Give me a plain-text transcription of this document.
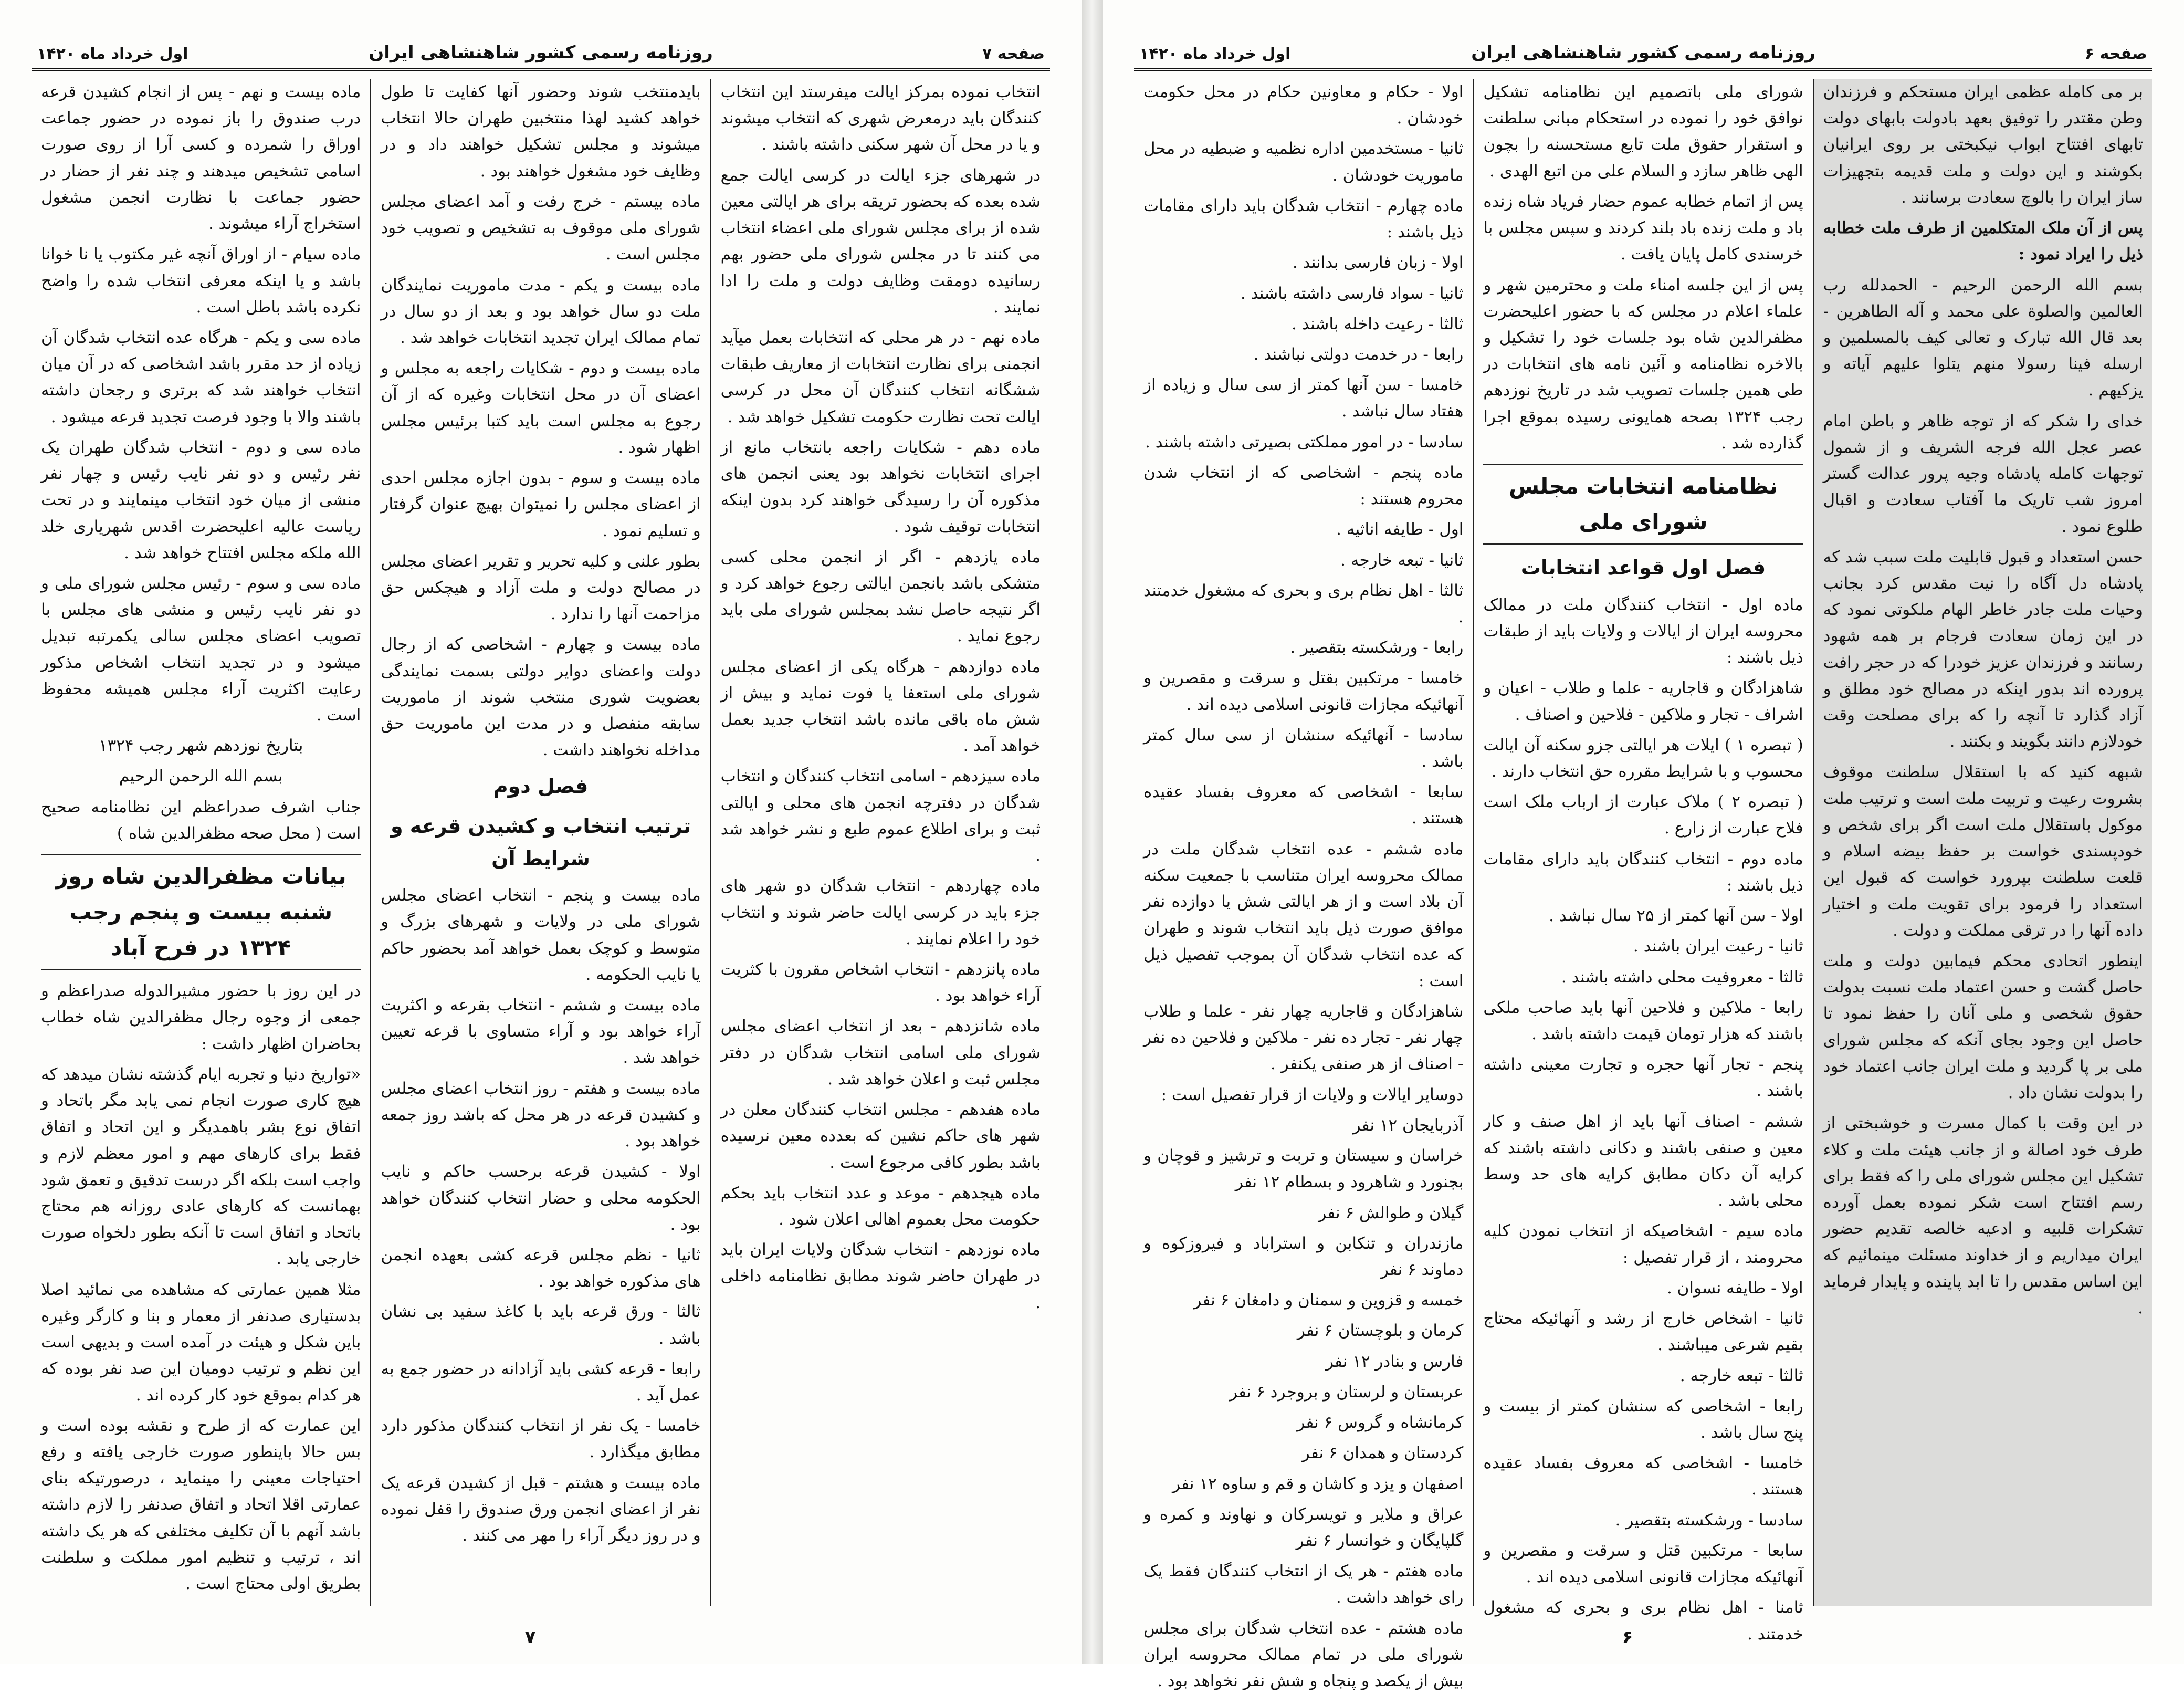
اول خرداد ماه ۱۴۲۰	روزنامه رسمی کشور شاهنشاهی ایران	صفحه ۷

انتخاب نموده بمرکز ایالت میفرستد این انتخاب کنندگان باید درمعرض شهری که انتخاب میشوند و یا در محل آن شهر سکنی داشته باشند .

در شهرهای جزء ایالت در کرسی ایالت جمع شده بعده که بحضور تریقه برای هر ایالتی معین شده از برای مجلس شورای ملی اعضاء انتخاب می کنند تا در مجلس شورای ملی حضور بهم رسانیده دومقت وظایف دولت و ملت را ادا نمایند .

ماده نهم - در هر محلی که انتخابات بعمل میآید انجمنی برای نظارت انتخابات از معاریف طبقات ششگانه انتخاب کنندگان آن محل در کرسی ایالت تحت نظارت حکومت تشکیل خواهد شد .

ماده دهم - شکایات راجعه بانتخاب مانع از اجرای انتخابات نخواهد بود یعنی انجمن های مذکوره آن را رسیدگی خواهند کرد بدون اینکه انتخابات توقیف شود .

ماده یازدهم - اگر از انجمن محلی کسی متشکی باشد بانجمن ایالتی رجوع خواهد کرد و اگر نتیجه حاصل نشد بمجلس شورای ملی باید رجوع نماید .

ماده دوازدهم - هرگاه یکی از اعضای مجلس شورای ملی استعفا یا فوت نماید و بیش از شش ماه باقی مانده باشد انتخاب جدید بعمل خواهد آمد .

ماده سیزدهم - اسامی انتخاب کنندگان و انتخاب شدگان در دفترچه انجمن های محلی و ایالتی ثبت و برای اطلاع عموم طبع و نشر خواهد شد .

ماده چهاردهم - انتخاب شدگان دو شهر های جزء باید در کرسی ایالت حاضر شوند و انتخاب خود را اعلام نمایند .

ماده پانزدهم - انتخاب اشخاص مقرون با کثریت آراء خواهد بود .

ماده شانزدهم - بعد از انتخاب اعضای مجلس شورای ملی اسامی انتخاب شدگان در دفتر مجلس ثبت و اعلان خواهد شد .

ماده هفدهم - مجلس انتخاب کنندگان معلن در شهر های حاکم نشین که بعدده معین نرسیده باشد بطور کافی مرجوع است .

ماده هیجدهم - موعد و عدد انتخاب باید بحکم حکومت محل بعموم اهالی اعلان شود .

ماده نوزدهم - انتخاب شدگان ولایات ایران باید در طهران حاضر شوند مطابق نظامنامه داخلی .

بایدمنتخب شوند وحضور آنها کفایت تا طول خواهد کشید لهذا منتخبین طهران حالا انتخاب میشوند و مجلس تشکیل خواهند داد و در وظایف خود مشغول خواهند بود .

ماده بیستم - خرج رفت و آمد اعضای مجلس شورای ملی موقوف به تشخیص و تصویب خود مجلس است .

ماده بیست و یکم - مدت ماموریت نمایندگان ملت دو سال خواهد بود و بعد از دو سال در تمام ممالک ایران تجدید انتخابات خواهد شد .

ماده بیست و دوم - شکایات راجعه به مجلس و اعضای آن در محل انتخابات وغیره که از آن رجوع به مجلس است باید کتبا برئیس مجلس اظهار شود .

ماده بیست و سوم - بدون اجازه مجلس احدی از اعضای مجلس را نمیتوان بهیچ عنوان گرفتار و تسلیم نمود .

بطور علنی و کلیه تحریر و تقریر اعضای مجلس در مصالح دولت و ملت آزاد و هیچکس حق مزاحمت آنها را ندارد .

ماده بیست و چهارم - اشخاصی که از رجال دولت واعضای دوایر دولتی بسمت نمایندگی بعضویت شوری منتخب شوند از ماموریت سابقه منفصل و در مدت این ماموریت حق مداخله نخواهند داشت .

فصل دوم

ترتیب انتخاب و کشیدن قرعه و شرایط آن

ماده بیست و پنجم - انتخاب اعضای مجلس شورای ملی در ولایات و شهرهای بزرگ و متوسط و کوچک بعمل خواهد آمد بحضور حاکم یا نایب الحکومه .

ماده بیست و ششم - انتخاب بقرعه و اکثریت آراء خواهد بود و آراء متساوی با قرعه تعیین خواهد شد .

ماده بیست و هفتم - روز انتخاب اعضای مجلس و کشیدن قرعه در هر محل که باشد روز جمعه خواهد بود .

اولا - کشیدن قرعه برحسب حاکم و نایب الحکومه محلی و حضار انتخاب کنندگان خواهد بود .

ثانیا - نظم مجلس قرعه کشی بعهده انجمن های مذکوره خواهد بود .

ثالثا - ورق قرعه باید با کاغذ سفید بی نشان باشد .

رابعا - قرعه کشی باید آزادانه در حضور جمع به عمل آید .

خامسا - یک نفر از انتخاب کنندگان مذکور دارد مطابق میگذارد .

ماده بیست و هشتم - قبل از کشیدن قرعه یک نفر از اعضای انجمن ورق صندوق را قفل نموده و در روز دیگر آراء را مهر می کنند .

ماده بیست و نهم - پس از انجام کشیدن قرعه درب صندوق را باز نموده در حضور جماعت اوراق را شمرده و کسی آرا از روی صورت اسامی تشخیص میدهند و چند نفر از حضار در حضور جماعت با نظارت انجمن مشغول استخراج آراء میشوند .

ماده سیام - از اوراق آنچه غیر مکتوب یا نا خوانا باشد و یا اینکه معرفی انتخاب شده را واضح نکرده باشد باطل است .

ماده سی و یکم - هرگاه عده انتخاب شدگان آن زیاده از حد مقرر باشد اشخاصی که در آن میان انتخاب خواهند شد که برتری و رجحان داشته باشند والا با وجود فرصت تجدید قرعه میشود .

ماده سی و دوم - انتخاب شدگان طهران یک نفر رئیس و دو نفر نایب رئیس و چهار نفر منشی از میان خود انتخاب مینمایند و در تحت ریاست عالیه اعلیحضرت اقدس شهریاری خلد الله ملکه مجلس افتتاح خواهد شد .

ماده سی و سوم - رئیس مجلس شورای ملی و دو نفر نایب رئیس و منشی های مجلس با تصویب اعضای مجلس سالی یکمرتبه تبدیل میشود و در تجدید انتخاب اشخاص مذکور رعایت اکثریت آراء مجلس همیشه محفوظ است .

بتاریخ نوزدهم شهر رجب ۱۳۲۴

بسم الله الرحمن الرحیم

جناب اشرف صدراعظم این نظامنامه صحیح است ( محل صحه مظفرالدین شاه )

بیانات مظفرالدین شاه روز شنبه بیست و پنجم رجب ۱۳۲۴ در فرح آباد

در این روز با حضور مشیرالدوله صدراعظم و جمعی از وجوه رجال مظفرالدین شاه خطاب بحاضران اظهار داشت :

«تواریخ دنیا و تجربه ایام گذشته نشان میدهد که هیچ کاری صورت انجام نمی یابد مگر باتحاد و اتفاق نوع بشر باهمدیگر و این اتحاد و اتفاق فقط برای کارهای مهم و امور معظم لازم و واجب است بلکه اگر درست تدقیق و تعمق شود بهمانست که کارهای عادی روزانه هم محتاج باتحاد و اتفاق است تا آنکه بطور دلخواه صورت خارجی یابد .

مثلا همین عمارتی که مشاهده می نمائید اصلا بدستیاری صدنفر از معمار و بنا و کارگر وغیره باین شکل و هیئت در آمده است و بدیهی است این نظم و ترتیب دومیان این صد نفر بوده که هر کدام بموقع خود کار کرده اند .

این عمارت که از طرح و نقشه بوده است و بس حالا باینطور صورت خارجی یافته و رفع احتیاجات معینی را مینماید ، درصورتیکه بنای عمارتی اقلا اتحاد و اتفاق صدنفر را لازم داشته باشد آنهم با آن تکلیف مختلفی که هر یک داشته اند ، ترتیب و تنظیم امور مملکت و سلطنت بطریق اولی محتاج است .

۷
اول خرداد ماه ۱۴۲۰	روزنامه رسمی کشور شاهنشاهی ایران	صفحه ۶

بر می کامله عظمی ایران مستحکم و فرزندان وطن مقتدر را توفیق بعهد بادولت بابهای دولت تابهای افتتاح ابواب نیکبختی بر روی ایرانیان بکوشند و این دولت و ملت قدیمه بتجهیزات ساز ایران را بالوچ سعادت برسانند .

پس از آن ملک المتکلمین از طرف ملت خطابه ذیل را ایراد نمود :

بسم الله الرحمن الرحیم - الحمدلله رب العالمین والصلوة علی محمد و آله الطاهرین - بعد قال الله تبارک و تعالی کیف بالمسلمین و ارسله فینا رسولا منهم یتلوا علیهم آیاته و یزکیهم .

خدای را شکر که از توجه ظاهر و باطن امام عصر عجل الله فرجه الشریف و از شمول توجهات کامله پادشاه وجیه پرور عدالت گستر امروز شب تاریک ما آفتاب سعادت و اقبال طلوع نمود .

حسن استعداد و قبول قابلیت ملت سبب شد که پادشاه دل آگاه را نیت مقدس کرد بجانب وحیات ملت جادر خاطر الهام ملکوتی نمود که در این زمان سعادت فرجام بر همه شهود رسانند و فرزندان عزیز خودرا که در حجر رافت پرورده اند بدور اینکه در مصالح خود مطلق و آزاد گذارد تا آنچه را که برای مصلحت وقت خودلازم دانند بگویند و بکنند .

شبهه کنید که با استقلال سلطنت موقوف بشروت رعیت و تربیت ملت است و ترتیب ملت موکول باستقلال ملت است اگر برای شخص و خودپسندی خواست بر حفظ بیضه اسلام و قلعت سلطنت بپرورد خواست که قبول این استعداد را فرمود برای تقویت ملت و اختیار داده آنها را در ترقی مملکت و دولت .

اینطور اتحادی محکم فیمابین دولت و ملت حاصل گشت و حسن اعتماد ملت نسبت بدولت حقوق شخصی و ملی آنان را حفظ نمود تا حاصل این وجود بجای آنکه که مجلس شورای ملی بر پا گردید و ملت ایران جانب اعتماد خود را بدولت نشان داد .

در این وقت با کمال مسرت و خوشبختی از طرف خود اصالة و از جانب هیئت ملت و کلاء تشکیل این مجلس شورای ملی را که فقط برای رسم افتتاح است شکر نموده بعمل آورده تشکرات قلبیه و ادعیه خالصه تقدیم حضور ایران میداریم و از خداوند مسئلت مینمائیم که این اساس مقدس را تا ابد پاینده و پایدار فرماید .

شورای ملی باتصمیم این نظامنامه تشکیل نوافق خود را نموده در استحکام مبانی سلطنت و استقرار حقوق ملت تایع مستحسنه را بچون الهی ظاهر سازد و السلام علی من اتبع الهدی .

پس از اتمام خطابه عموم حضار فریاد شاه زنده باد و ملت زنده باد بلند کردند و سپس مجلس با خرسندی کامل پایان یافت .

پس از این جلسه امناء ملت و محترمین شهر و علماء اعلام در مجلس که با حضور اعلیحضرت مظفرالدین شاه بود جلسات خود را تشکیل و بالاخره نظامنامه و آئین نامه های انتخابات در طی همین جلسات تصویب شد در تاریخ نوزدهم رجب ۱۳۲۴ بصحه همایونی رسیده بموقع اجرا گذارده شد .

نظامنامه انتخابات مجلس شورای ملی

فصل اول قواعد انتخابات

ماده اول - انتخاب کنندگان ملت در ممالک محروسه ایران از ایالات و ولایات باید از طبقات ذیل باشند :

شاهزادگان و قاجاریه - علما و طلاب - اعیان و اشراف - تجار و ملاکین - فلاحین و اصناف .

( تبصره ۱ ) ایلات هر ایالتی جزو سکنه آن ایالت محسوب و با شرایط مقرره حق انتخاب دارند .

( تبصره ۲ ) ملاک عبارت از ارباب ملک است فلاح عبارت از زارع .

ماده دوم - انتخاب کنندگان باید دارای مقامات ذیل باشند :

اولا - سن آنها کمتر از ۲۵ سال نباشد .

ثانیا - رعیت ایران باشند .

ثالثا - معروفیت محلی داشته باشند .

رابعا - ملاکین و فلاحین آنها باید صاحب ملکی باشند که هزار تومان قیمت داشته باشد .

پنجم - تجار آنها حجره و تجارت معینی داشته باشند .

ششم - اصناف آنها باید از اهل صنف و کار معین و صنفی باشند و دکانی داشته باشند که کرایه آن دکان مطابق کرایه های حد وسط محلی باشد .

ماده سیم - اشخاصیکه از انتخاب نمودن کلیه محرومند ، از قرار تفصیل :

اولا - طایفه نسوان .

ثانیا - اشخاص خارج از رشد و آنهائیکه محتاج بقیم شرعی میباشند .

ثالثا - تبعه خارجه .

رابعا - اشخاصی که سنشان کمتر از بیست و پنج سال باشد .

خامسا - اشخاصی که معروف بفساد عقیده هستند .

سادسا - ورشکسته بتقصیر .

سابعا - مرتکبین قتل و سرقت و مقصرین و آنهائیکه مجازات قانونی اسلامی دیده اند .

ثامنا - اهل نظام بری و بحری که مشغول خدمتند .

اولا - حکام و معاونین حکام در محل حکومت خودشان .

ثانیا - مستخدمین اداره نظمیه و ضبطیه در محل ماموریت خودشان .

ماده چهارم - انتخاب شدگان باید دارای مقامات ذیل باشند :

اولا - زبان فارسی بدانند .

ثانیا - سواد فارسی داشته باشند .

ثالثا - رعیت داخله باشند .

رابعا - در خدمت دولتی نباشند .

خامسا - سن آنها کمتر از سی سال و زیاده از هفتاد سال نباشد .

سادسا - در امور مملکتی بصیرتی داشته باشند .

ماده پنجم - اشخاصی که از انتخاب شدن محروم هستند :

اول - طایفه اناثیه .

ثانیا - تبعه خارجه .

ثالثا - اهل نظام بری و بحری که مشغول خدمتند .

رابعا - ورشکسته بتقصیر .

خامسا - مرتکبین بقتل و سرقت و مقصرین و آنهائیکه مجازات قانونی اسلامی دیده اند .

سادسا - آنهائیکه سنشان از سی سال کمتر باشد .

سابعا - اشخاصی که معروف بفساد عقیده هستند .

ماده ششم - عده انتخاب شدگان ملت در ممالک محروسه ایران متناسب با جمعیت سکنه آن بلاد است و از هر ایالتی شش یا دوازده نفر موافق صورت ذیل باید انتخاب شوند و طهران که عده انتخاب شدگان آن بموجب تفصیل ذیل است :

شاهزادگان و قاجاریه چهار نفر - علما و طلاب چهار نفر - تجار ده نفر - ملاکین و فلاحین ده نفر - اصناف از هر صنفی یکنفر .

دوساير ایالات و ولایات از قرار تفصیل است :

آذربایجان ۱۲ نفر

خراسان و سیستان و تربت و ترشیز و قوچان و بجنورد و شاهرود و بسطام ۱۲ نفر

گیلان و طوالش ۶ نفر

مازندران و تنکابن و استراباد و فیروزکوه و دماوند ۶ نفر

خمسه و قزوین و سمنان و دامغان ۶ نفر

کرمان و بلوچستان ۶ نفر

فارس و بنادر ۱۲ نفر

عربستان و لرستان و بروجرد ۶ نفر

کرمانشاه و گروس ۶ نفر

کردستان و همدان ۶ نفر

اصفهان و یزد و کاشان و قم و ساوه ۱۲ نفر

عراق و ملایر و تویسرکان و نهاوند و کمره و گلپایگان و خوانسار ۶ نفر

ماده هفتم - هر یک از انتخاب کنندگان فقط یک رای خواهد داشت .

ماده هشتم - عده انتخاب شدگان برای مجلس شورای ملی در تمام ممالک محروسه ایران بیش از یکصد و پنجاه و شش نفر نخواهد بود .

۶
